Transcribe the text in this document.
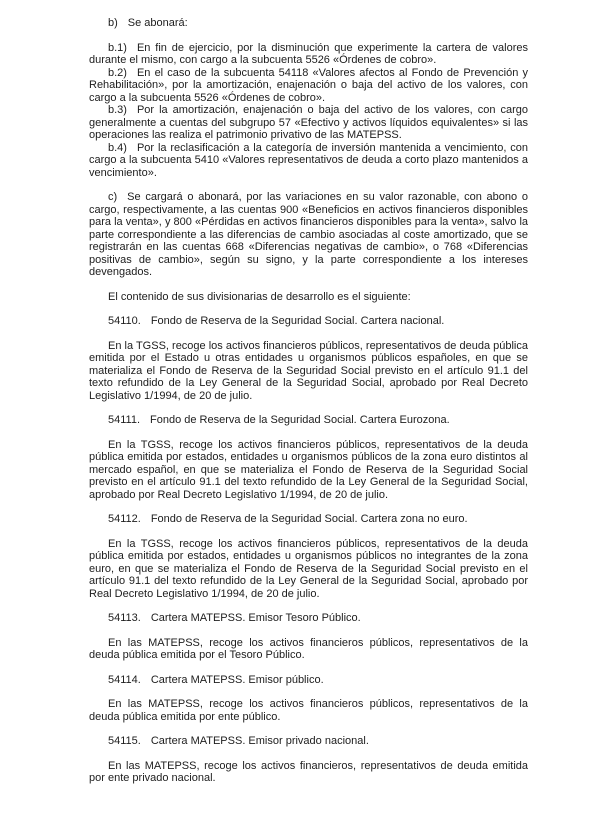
b) Se abonará:

b.1) En fin de ejercicio, por la disminución que experimente la cartera de valores durante el mismo, con cargo a la subcuenta 5526 «Órdenes de cobro».

b.2) En el caso de la subcuenta 54118 «Valores afectos al Fondo de Prevención y Rehabilitación», por la amortización, enajenación o baja del activo de los valores, con cargo a la subcuenta 5526 «Órdenes de cobro».

b.3) Por la amortización, enajenación o baja del activo de los valores, con cargo generalmente a cuentas del subgrupo 57 «Efectivo y activos líquidos equivalentes» si las operaciones las realiza el patrimonio privativo de las MATEPSS.

b.4) Por la reclasificación a la categoría de inversión mantenida a vencimiento, con cargo a la subcuenta 5410 «Valores representativos de deuda a corto plazo mantenidos a vencimiento».

c) Se cargará o abonará, por las variaciones en su valor razonable, con abono o cargo, respectivamente, a las cuentas 900 «Beneficios en activos financieros disponibles para la venta», y 800 «Pérdidas en activos financieros disponibles para la venta», salvo la parte correspondiente a las diferencias de cambio asociadas al coste amortizado, que se registrarán en las cuentas 668 «Diferencias negativas de cambio», o 768 «Diferencias positivas de cambio», según su signo, y la parte correspondiente a los intereses devengados.

El contenido de sus divisionarias de desarrollo es el siguiente:

54110. Fondo de Reserva de la Seguridad Social. Cartera nacional.

En la TGSS, recoge los activos financieros públicos, representativos de deuda pública emitida por el Estado u otras entidades u organismos públicos españoles, en que se materializa el Fondo de Reserva de la Seguridad Social previsto en el artículo 91.1 del texto refundido de la Ley General de la Seguridad Social, aprobado por Real Decreto Legislativo 1/1994, de 20 de julio.

54111. Fondo de Reserva de la Seguridad Social. Cartera Eurozona.

En la TGSS, recoge los activos financieros públicos, representativos de la deuda pública emitida por estados, entidades u organismos públicos de la zona euro distintos al mercado español, en que se materializa el Fondo de Reserva de la Seguridad Social previsto en el artículo 91.1 del texto refundido de la Ley General de la Seguridad Social, aprobado por Real Decreto Legislativo 1/1994, de 20 de julio.

54112. Fondo de Reserva de la Seguridad Social. Cartera zona no euro.

En la TGSS, recoge los activos financieros públicos, representativos de la deuda pública emitida por estados, entidades u organismos públicos no integrantes de la zona euro, en que se materializa el Fondo de Reserva de la Seguridad Social previsto en el artículo 91.1 del texto refundido de la Ley General de la Seguridad Social, aprobado por Real Decreto Legislativo 1/1994, de 20 de julio.

54113. Cartera MATEPSS. Emisor Tesoro Público.

En las MATEPSS, recoge los activos financieros públicos, representativos de la deuda pública emitida por el Tesoro Público.

54114. Cartera MATEPSS. Emisor público.

En las MATEPSS, recoge los activos financieros públicos, representativos de la deuda pública emitida por ente público.

54115. Cartera MATEPSS. Emisor privado nacional.

En las MATEPSS, recoge los activos financieros, representativos de deuda emitida por ente privado nacional.
